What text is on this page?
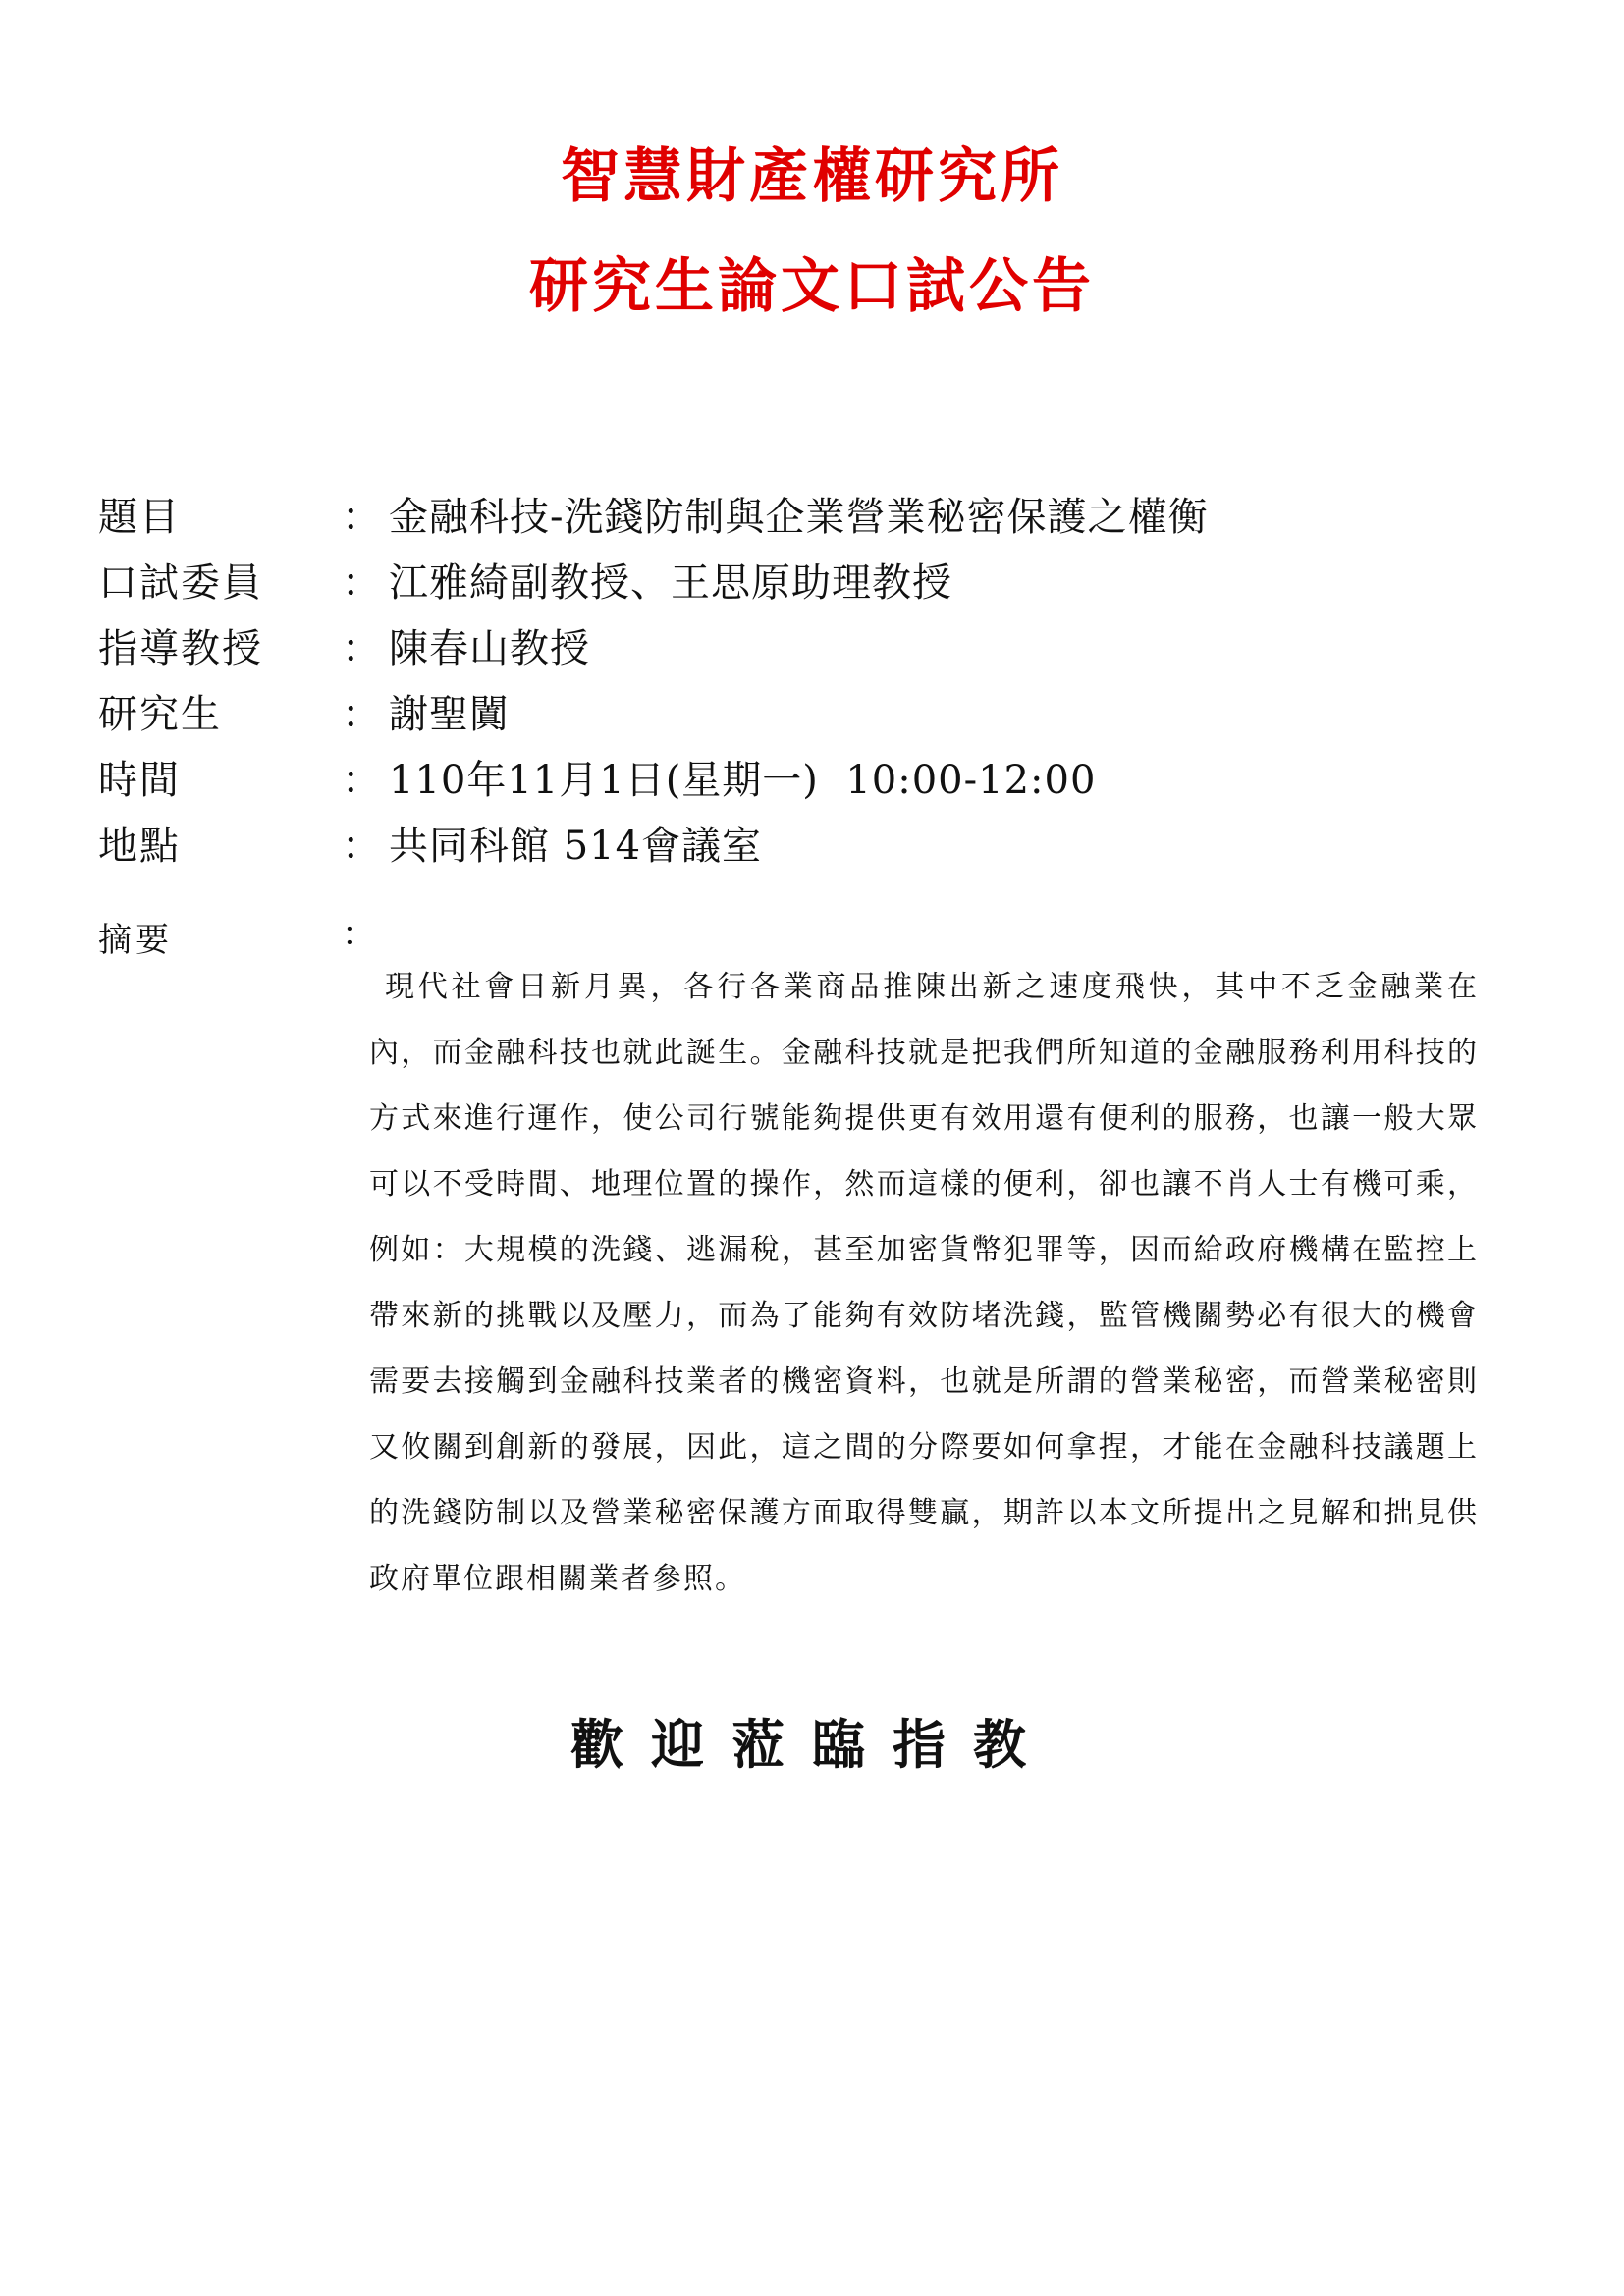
智慧財產權研究所
研究生論文口試公告
題目	： 金融科技-洗錢防制與企業營業秘密保護之權衡
口試委員 ： 江雅綺副教授、王思原助理教授
指導教授 ： 陳春山教授
研究生	： 謝聖闐
時間	： 110年11月1日(星期一)  10:00-12:00
地點	： 共同科館 514會議室
摘要	：
現代社會日新月異，各行各業商品推陳出新之速度飛快，其中不乏金融業在內，而金融科技也就此誕生。金融科技就是把我們所知道的金融服務利用科技的方式來進行運作，使公司行號能夠提供更有效用還有便利的服務，也讓一般大眾可以不受時間、地理位置的操作，然而這樣的便利，卻也讓不肖人士有機可乘，例如：大規模的洗錢、逃漏稅，甚至加密貨幣犯罪等，因而給政府機構在監控上帶來新的挑戰以及壓力，而為了能夠有效防堵洗錢，監管機關勢必有很大的機會需要去接觸到金融科技業者的機密資料，也就是所謂的營業秘密，而營業秘密則又攸關到創新的發展，因此，這之間的分際要如何拿捏，才能在金融科技議題上的洗錢防制以及營業秘密保護方面取得雙贏，期許以本文所提出之見解和拙見供政府單位跟相關業者參照。
歡迎蒞臨指教
